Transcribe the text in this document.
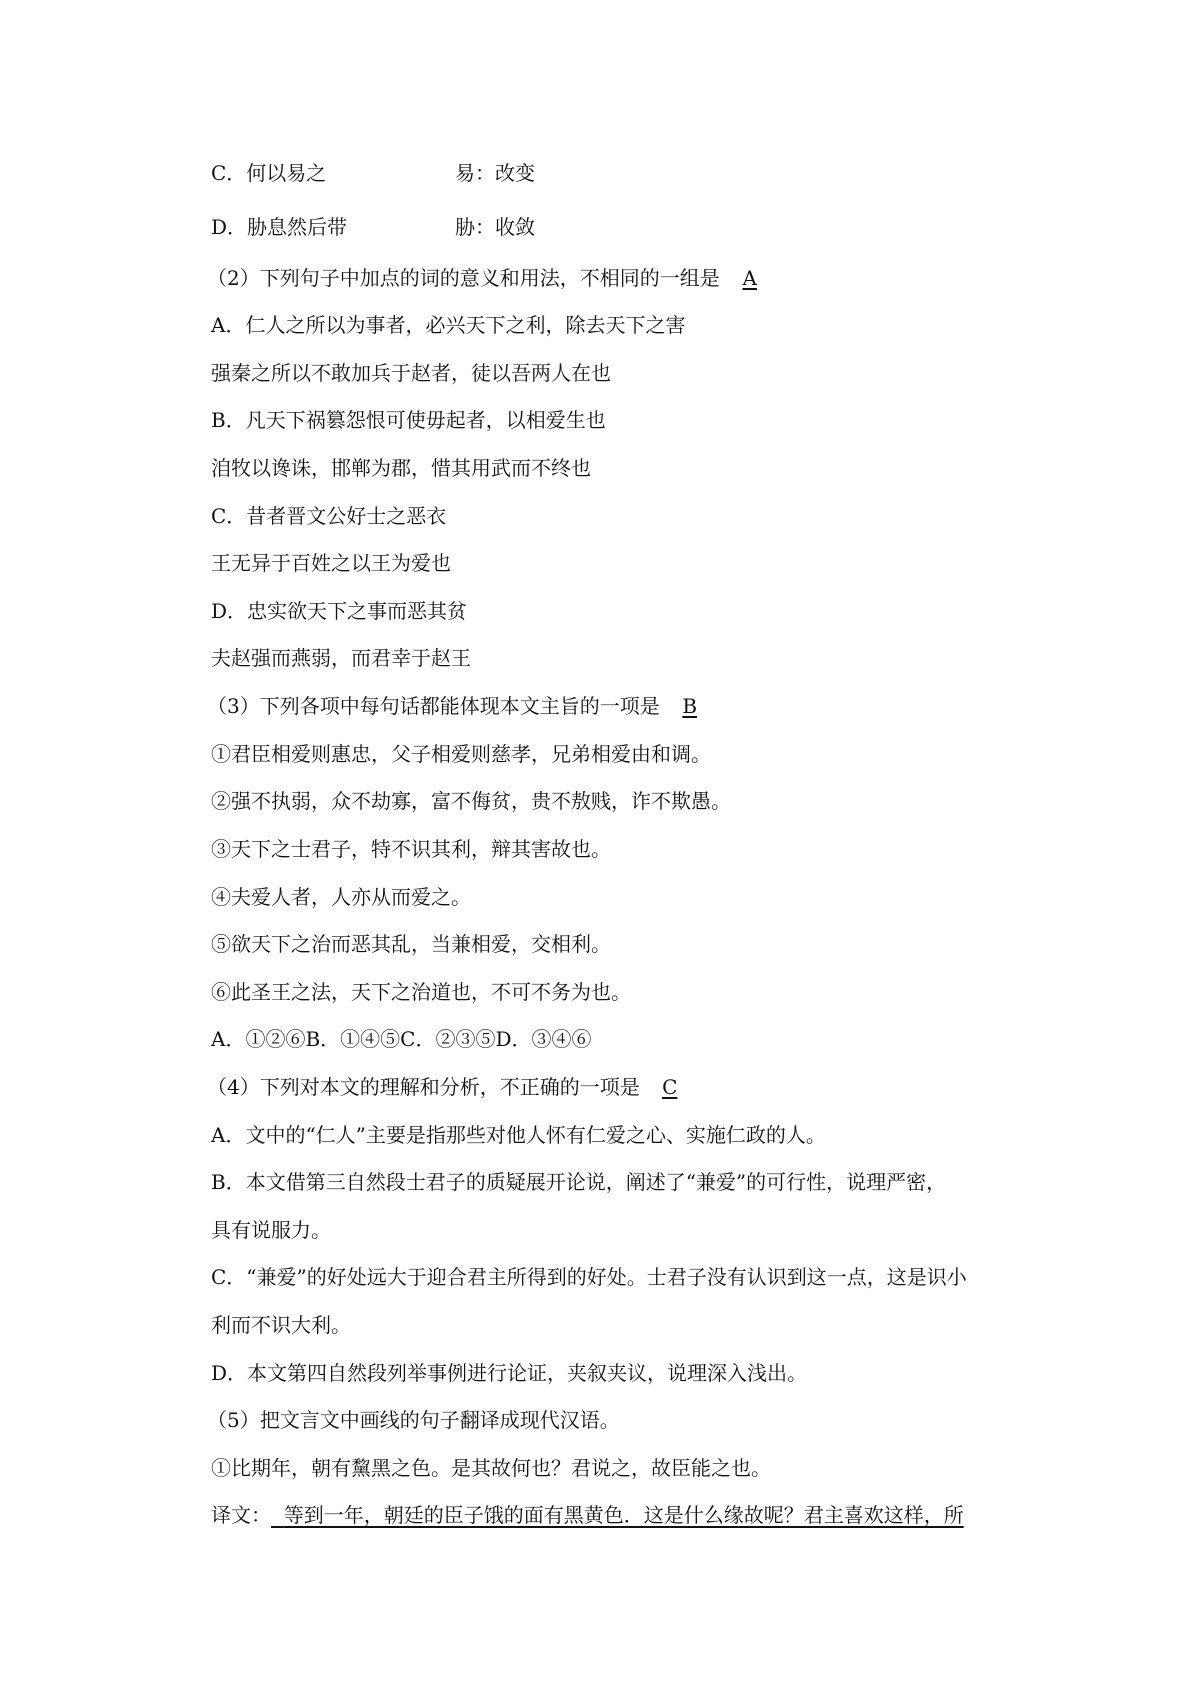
C．何以易之	易：改变
D．胁息然后带	胁：收敛

（2）下列句子中加点的词的意义和用法，不相同的一组是 A

A．仁人之所以为事者，必兴天下之利，除去天下之害

强秦之所以不敢加兵于赵者，徒以吾两人在也

B．凡天下祸篡怨恨可使毋起者，以相爱生也

洎牧以谗诛，邯郸为郡，惜其用武而不终也

C．昔者晋文公好士之恶衣

王无异于百姓之以王为爱也

D．忠实欲天下之事而恶其贫

夫赵强而燕弱，而君幸于赵王

（3）下列各项中每句话都能体现本文主旨的一项是 B

①君臣相爱则惠忠，父子相爱则慈孝，兄弟相爱由和调。

②强不执弱，众不劫寡，富不侮贫，贵不敖贱，诈不欺愚。

③天下之士君子，特不识其利，辩其害故也。

④夫爱人者，人亦从而爱之。

⑤欲天下之治而恶其乱，当兼相爱，交相利。

⑥此圣王之法，天下之治道也，不可不务为也。

A．①②⑥B．①④⑤C．②③⑤D．③④⑥

（4）下列对本文的理解和分析，不正确的一项是 C

A．文中的“仁人”主要是指那些对他人怀有仁爱之心、实施仁政的人。

B．本文借第三自然段士君子的质疑展开论说，阐述了“兼爱”的可行性，说理严密，

具有说服力。

C．“兼爱”的好处远大于迎合君主所得到的好处。士君子没有认识到这一点，这是识小

利而不识大利。

D．本文第四自然段列举事例进行论证，夹叙夹议，说理深入浅出。

（5）把文言文中画线的句子翻译成现代汉语。

①比期年，朝有黧黑之色。是其故何也？君说之，故臣能之也。

译文： 等到一年，朝廷的臣子饿的面有黑黄色．这是什么缘故呢？君主喜欢这样，所
